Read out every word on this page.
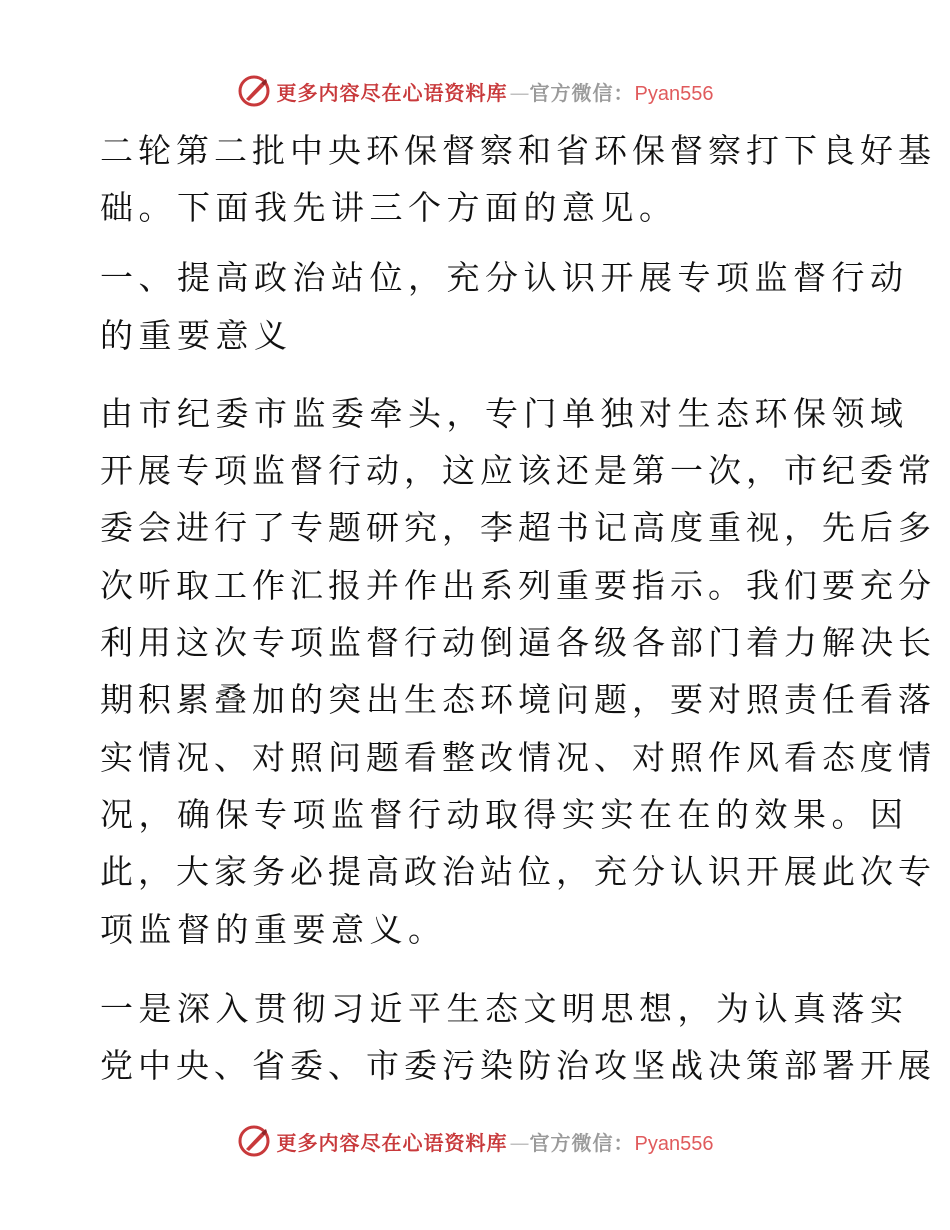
更多内容尽在心语资料库 — 官方微信：Pyan556
二轮第二批中央环保督察和省环保督察打下良好基
础。下面我先讲三个方面的意见。
一、提高政治站位，充分认识开展专项监督行动
的重要意义
由市纪委市监委牵头，专门单独对生态环保领域
开展专项监督行动，这应该还是第一次，市纪委常
委会进行了专题研究，李超书记高度重视，先后多
次听取工作汇报并作出系列重要指示。我们要充分
利用这次专项监督行动倒逼各级各部门着力解决长
期积累叠加的突出生态环境问题，要对照责任看落
实情况、对照问题看整改情况、对照作风看态度情
况，确保专项监督行动取得实实在在的效果。因
此，大家务必提高政治站位，充分认识开展此次专
项监督的重要意义。
一是深入贯彻习近平生态文明思想，为认真落实
党中央、省委、市委污染防治攻坚战决策部署开展
更多内容尽在心语资料库 — 官方微信：Pyan556
